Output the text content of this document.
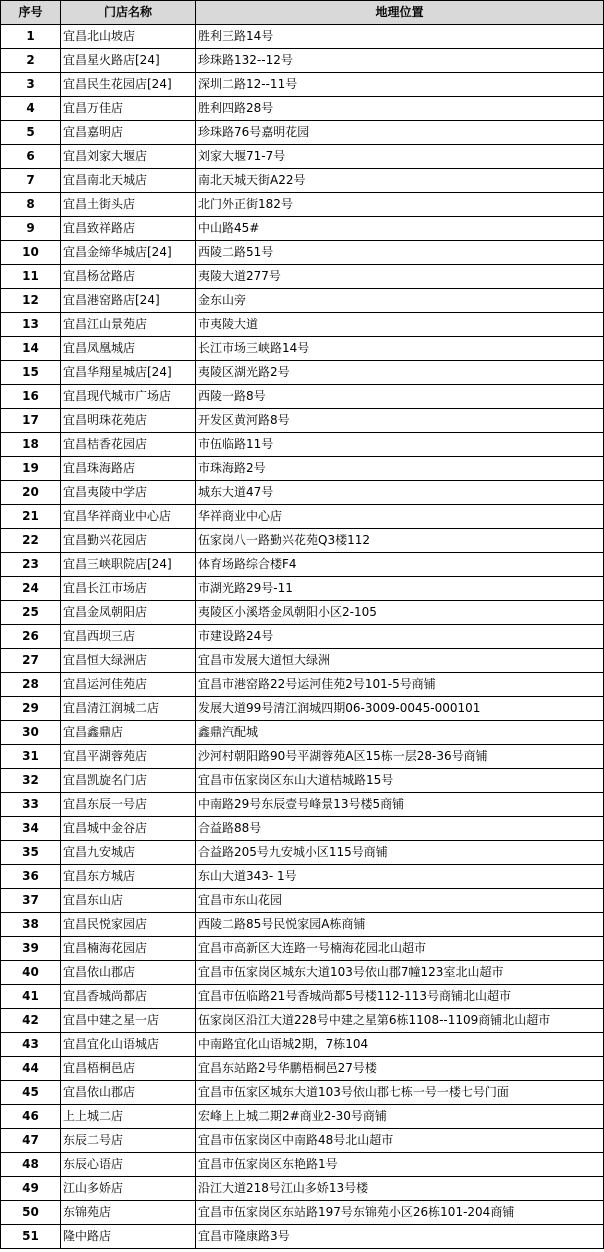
序号	门店名称	地理位置
1	宜昌北山坡店	胜利三路14号
2	宜昌星火路店[24]	珍珠路132--12号
3	宜昌民生花园店[24]	深圳二路12--11号
4	宜昌万佳店	胜利四路28号
5	宜昌嘉明店	珍珠路76号嘉明花园
6	宜昌刘家大堰店	刘家大堰71-7号
7	宜昌南北天城店	南北天城天街A22号
8	宜昌土街头店	北门外正街182号
9	宜昌致祥路店	中山路45#
10	宜昌金缔华城店[24]	西陵二路51号
11	宜昌杨岔路店	夷陵大道277号
12	宜昌港窑路店[24]	金东山旁
13	宜昌江山景苑店	市夷陵大道
14	宜昌凤凰城店	长江市场三峡路14号
15	宜昌华翔星城店[24]	夷陵区湖光路2号
16	宜昌现代城市广场店	西陵一路8号
17	宜昌明珠花苑店	开发区黄河路8号
18	宜昌桔香花园店	市伍临路11号
19	宜昌珠海路店	市珠海路2号
20	宜昌夷陵中学店	城东大道47号
21	宜昌华祥商业中心店	华祥商业中心店
22	宜昌勤兴花园店	伍家岗八一路勤兴花苑Q3楼112
23	宜昌三峡职院店[24]	体育场路综合楼F4
24	宜昌长江市场店	市湖光路29号-11
25	宜昌金凤朝阳店	夷陵区小溪塔金凤朝阳小区2-105
26	宜昌西坝三店	市建设路24号
27	宜昌恒大绿洲店	宜昌市发展大道恒大绿洲
28	宜昌运河佳苑店	宜昌市港窑路22号运河佳苑2号101-5号商铺
29	宜昌清江润城二店	发展大道99号清江润城四期06-3009-0045-000101
30	宜昌鑫鼎店	鑫鼎汽配城
31	宜昌平湖蓉苑店	沙河村朝阳路90号平湖蓉苑A区15栋一层28-36号商铺
32	宜昌凯旋名门店	宜昌市伍家岗区东山大道桔城路15号
33	宜昌东辰一号店	中南路29号东辰壹号峰景13号楼5商铺
34	宜昌城中金谷店	合益路88号
35	宜昌九安城店	合益路205号九安城小区115号商铺
36	宜昌东方城店	东山大道343- 1号
37	宜昌东山店	宜昌市东山花园
38	宜昌民悦家园店	西陵二路85号民悦家园A栋商铺
39	宜昌楠海花园店	宜昌市高新区大连路一号楠海花园北山超市
40	宜昌依山郡店	宜昌市伍家岗区城东大道103号依山郡7幢123室北山超市
41	宜昌香城尚都店	宜昌市伍临路21号香城尚都5号楼112-113号商铺北山超市
42	宜昌中建之星一店	伍家岗区沿江大道228号中建之星第6栋1108--1109商铺北山超市
43	宜昌宜化山语城店	中南路宜化山语城2期，7栋104
44	宜昌梧桐邑店	宜昌东站路2号华鹏梧桐邑27号楼
45	宜昌依山郡店	宜昌市伍家区城东大道103号依山郡七栋一号一楼七号门面
46	上上城二店	宏峰上上城二期2#商业2-30号商铺
47	东辰二号店	宜昌市伍家岗区中南路48号北山超市
48	东辰心语店	宜昌市伍家岗区东艳路1号
49	江山多娇店	沿江大道218号江山多娇13号楼
50	东锦苑店	宜昌市伍家岗区东站路197号东锦苑小区26栋101-204商铺
51	隆中路店	宜昌市隆康路3号
